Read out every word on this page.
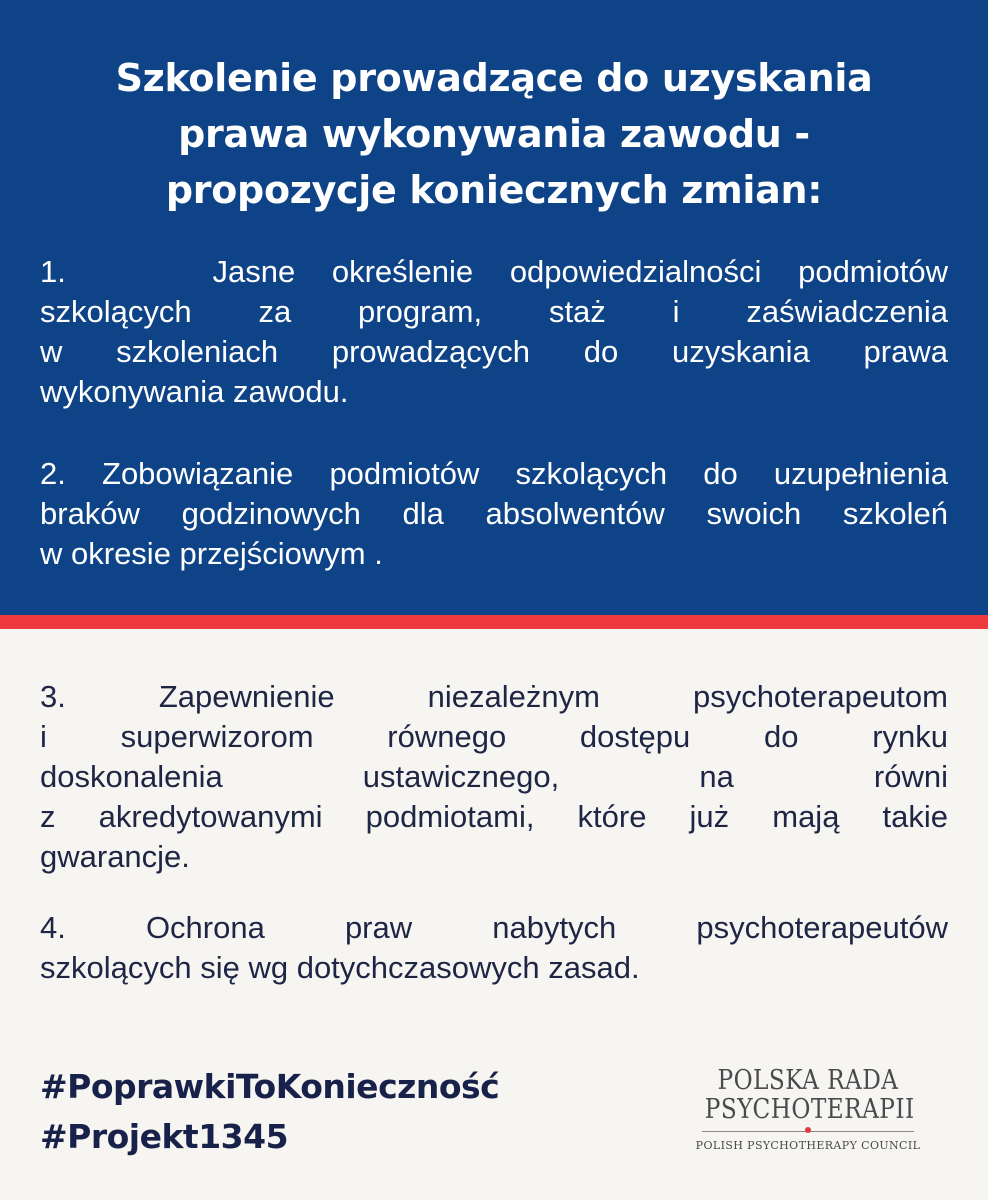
Szkolenie prowadzące do uzyskania
prawa wykonywania zawodu -
propozycje koniecznych zmian:

1.    Jasne określenie odpowiedzialności podmiotów
szkolących za program, staż i zaświadczenia
w szkoleniach prowadzących do uzyskania prawa
wykonywania zawodu.

2. Zobowiązanie podmiotów szkolących do uzupełnienia
braków godzinowych dla absolwentów swoich szkoleń
w okresie przejściowym .

3. Zapewnienie niezależnym psychoterapeutom
i superwizorom równego dostępu do rynku
doskonalenia ustawicznego, na równi
z akredytowanymi podmiotami, które już mają takie
gwarancje.

4. Ochrona praw nabytych psychoterapeutów
szkolących się wg dotychczasowych zasad.

#PoprawkiToKonieczność
#Projekt1345

POLSKA RADA
PSYCHOTERAPII
POLISH PSYCHOTHERAPY COUNCIL
